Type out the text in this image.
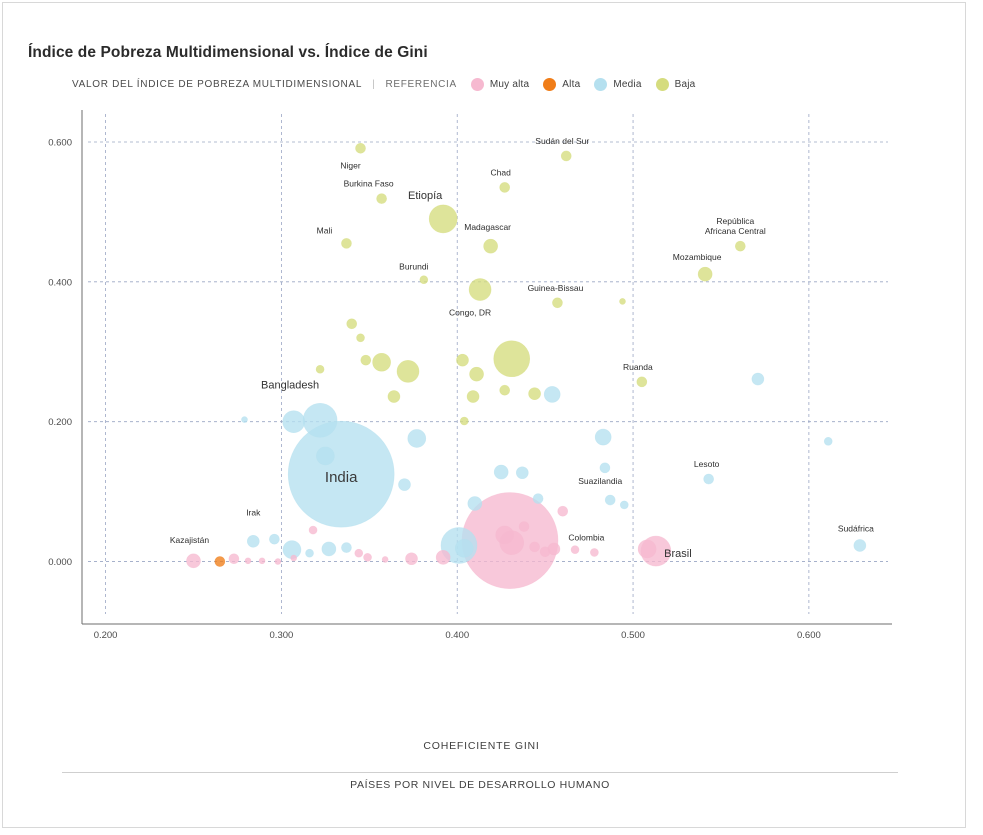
Índice de Pobreza Multidimensional vs. Índice de Gini
VALOR DEL ÍNDICE DE POBREZA MULTIDIMENSIONAL | REFERENCIA	Muy alta	Alta	Media	Baja
Niger
Sudán del Sur
Burkina Faso
Chad
Etiopía
Mali	Madagascar
Burundi
Congo, DR
Mozambique
República Africana Central
Guinea-Bissau
Ruanda
Bangladesh
India
Lesoto
Suazilandia
Brasil
Colombia
Sudáfrica
Kazajistán
Irak
0.200	0.300	0.400	0.500	0.600
0.000
0.200
0.400
0.600
COHEFICIENTE GINI
PAÍSES POR NIVEL DE DESARROLLO HUMANO
